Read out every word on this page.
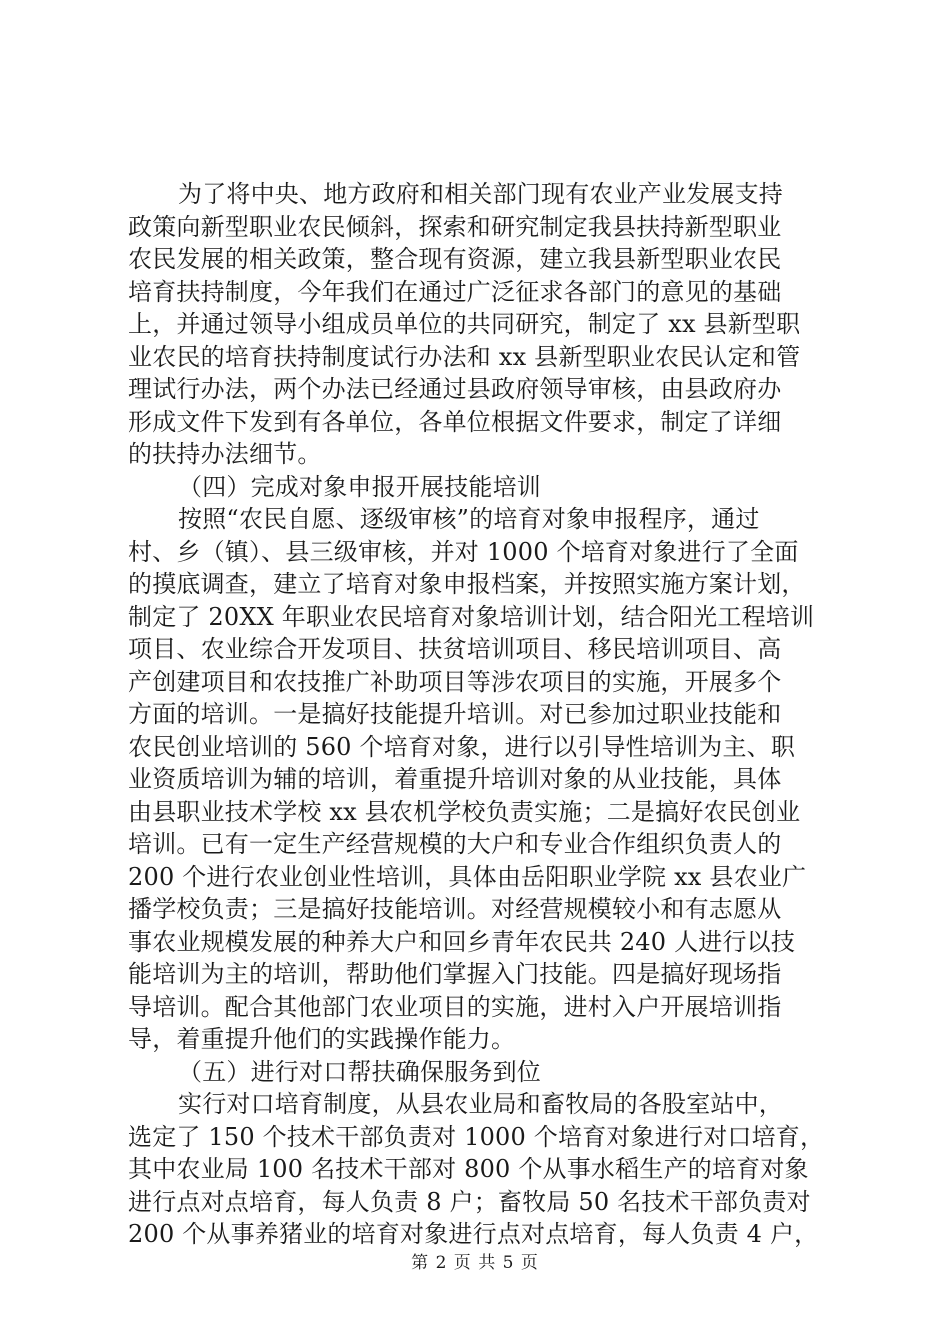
为了将中央、地方政府和相关部门现有农业产业发展支持
政策向新型职业农民倾斜，探索和研究制定我县扶持新型职业
农民发展的相关政策，整合现有资源，建立我县新型职业农民
培育扶持制度，今年我们在通过广泛征求各部门的意见的基础
上，并通过领导小组成员单位的共同研究，制定了 xx 县新型职
业农民的培育扶持制度试行办法和 xx 县新型职业农民认定和管
理试行办法，两个办法已经通过县政府领导审核，由县政府办
形成文件下发到有各单位，各单位根据文件要求，制定了详细
的扶持办法细节。
（四）完成对象申报开展技能培训
按照“农民自愿、逐级审核”的培育对象申报程序，通过
村、乡（镇）、县三级审核，并对 1000 个培育对象进行了全面
的摸底调查，建立了培育对象申报档案，并按照实施方案计划，
制定了 20XX 年职业农民培育对象培训计划，结合阳光工程培训
项目、农业综合开发项目、扶贫培训项目、移民培训项目、高
产创建项目和农技推广补助项目等涉农项目的实施，开展多个
方面的培训。一是搞好技能提升培训。对已参加过职业技能和
农民创业培训的 560 个培育对象，进行以引导性培训为主、职
业资质培训为辅的培训，着重提升培训对象的从业技能，具体
由县职业技术学校 xx 县农机学校负责实施；二是搞好农民创业
培训。已有一定生产经营规模的大户和专业合作组织负责人的
200 个进行农业创业性培训，具体由岳阳职业学院 xx 县农业广
播学校负责；三是搞好技能培训。对经营规模较小和有志愿从
事农业规模发展的种养大户和回乡青年农民共 240 人进行以技
能培训为主的培训，帮助他们掌握入门技能。四是搞好现场指
导培训。配合其他部门农业项目的实施，进村入户开展培训指
导，着重提升他们的实践操作能力。
（五）进行对口帮扶确保服务到位
实行对口培育制度，从县农业局和畜牧局的各股室站中，
选定了 150 个技术干部负责对 1000 个培育对象进行对口培育，
其中农业局 100 名技术干部对 800 个从事水稻生产的培育对象
进行点对点培育，每人负责 8 户；畜牧局 50 名技术干部负责对
200 个从事养猪业的培育对象进行点对点培育，每人负责 4 户，
第 2 页 共 5 页
